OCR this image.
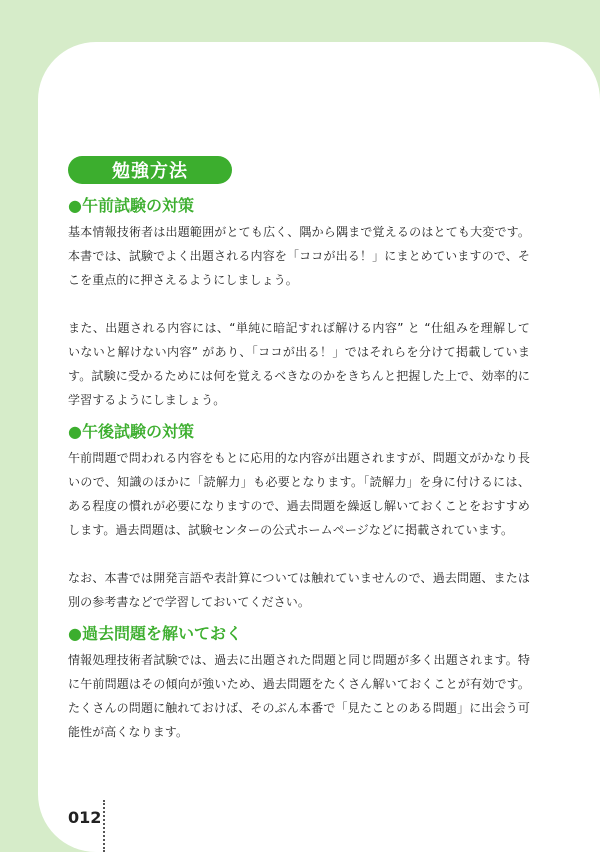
勉強方法
●午前試験の対策

基本情報技術者は出題範囲がとても広く、隅から隅まで覚えるのはとても大変です。本書では、試験でよく出題される内容を「ココが出る！」にまとめていますので、そこを重点的に押さえるようにしましょう。

また、出題される内容には、“単純に暗記すれば解ける内容” と “仕組みを理解していないと解けない内容” があり、「ココが出る！」ではそれらを分けて掲載しています。試験に受かるためには何を覚えるべきなのかをきちんと把握した上で、効率的に学習するようにしましょう。

●午後試験の対策

午前問題で問われる内容をもとに応用的な内容が出題されますが、問題文がかなり長いので、知識のほかに「読解力」も必要となります。「読解力」を身に付けるには、ある程度の慣れが必要になりますので、過去問題を繰返し解いておくことをおすすめします。過去問題は、試験センターの公式ホームページなどに掲載されています。

なお、本書では開発言語や表計算については触れていませんので、過去問題、または別の参考書などで学習しておいてください。

●過去問題を解いておく

情報処理技術者試験では、過去に出題された問題と同じ問題が多く出題されます。特に午前問題はその傾向が強いため、過去問題をたくさん解いておくことが有効です。たくさんの問題に触れておけば、そのぶん本番で「見たことのある問題」に出会う可能性が高くなります。

012
